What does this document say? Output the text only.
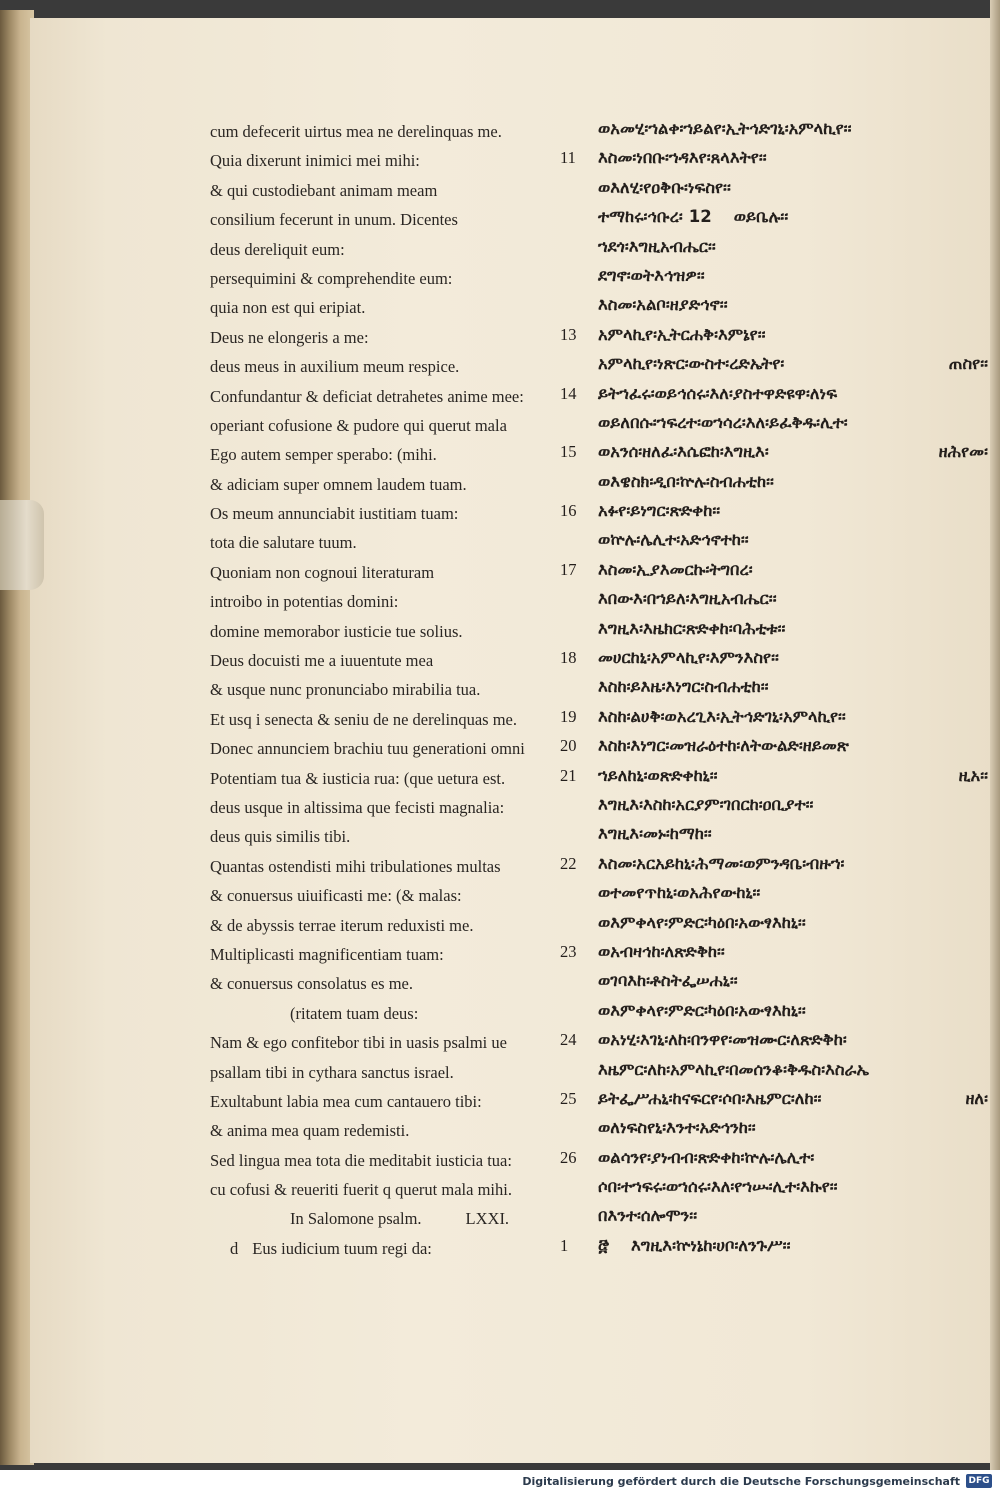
cum defecerit uirtus mea ne derelinquas me.
Quia dixerunt inimici mei mihi:
& qui custodiebant animam meam
consilium fecerunt in unum. Dicentes
deus dereliquit eum:
persequimini & comprehendite eum:
quia non est qui eripiat.
Deus ne elongeris a me:
deus meus in auxilium meum respice.
Confundantur & deficiat detrahetes anime mee:
operiant cofusione & pudore qui querut mala
Ego autem semper sperabo: (mihi.
& adiciam super omnem laudem tuam.
Os meum annunciabit iustitiam tuam:
tota die salutare tuum.
Quoniam non cognoui literaturam
introibo in potentias domini:
domine memorabor iusticie tue solius.
Deus docuisti me a iuuentute mea
& usque nunc pronunciabo mirabilia tua.
Et usq i senecta & seniu de ne derelinquas me.
Donec annunciem brachiu tuu generationi omni
Potentiam tua & iusticia rua: (que uetura est.
deus usque in altissima que fecisti magnalia:
deus quis similis tibi.
Quantas ostendisti mihi tribulationes multas
& conuersus uiuificasti me: (& malas:
& de abyssis terrae iterum reduxisti me.
Multiplicasti magnificentiam tuam:
& conuersus consolatus es me.
(ritatem tuam deus:
Nam & ego confitebor tibi in uasis psalmi ue
psallam tibi in cythara sanctus israel.
Exultabunt labia mea cum cantauero tibi:
& anima mea quam redemisti.
Sed lingua mea tota die meditabit iusticia tua:
cu cofusi & reueriti fuerit q querut mala mihi.
In Salomone psalm.	LXXI.
d Eus iudicium tuum regi da:
ወአመሂ፡ኀልቀ፡ኀይልየ፡ኢትኅድገኒ፡አምላኪየ፡፡
11 እስመ፡ነበቡ፡ኀዳእየ፡ጸላእትየ፡፡
ወእለሂ፡የዐቅቡ፡ነፍስየ፡፡
ተማከሩ፡ኅቡረ፡ 12 ወይቤሉ፡፡
ኀደጎ፡እግዚአብሔር፡፡
ደግኖ፡ወትእኅዝዎ፡፡
እስመ፡አልቦ፡ዘያድኅኖ፡፡
13 አምላኪየ፡ኢትርሐቅ፡እምኔየ፡፡
አምላኪየ፡ነጽር፡ውስተ፡ረድኤትየ፡	ጠስየ፡፡
14 ይትኀፈሩ፡ወይኅሰሩ፡እለ፡ያስተዋድዩዋ፡ለነፍ
ወይለበሱ፡ኀፍረተ፡ወኀሳረ፡እለ፡ይፈቅዱ፡ሊተ፡
15 ወአንሰ፡ዘለፈ፡እሴፎከ፡እግዚእ፡	ዘሕየመ፡
ወእዌስክ፡ዲበ፡ኵሉ፡ስብሐቲከ፡፡
16 አፉየ፡ይነግር፡ጽድቀከ፡፡
ወኵሉ፡ሌሊተ፡አድኅኖተከ፡፡
17 እስመ፡ኢያእመርኩ፡ትግበረ፡
እበውእ፡በኀይለ፡እግዚአብሔር፡፡
እግዚእ፡እዜክር፡ጽድቀከ፡ባሕቲቱ፡፡
18 መሀርከኒ፡አምላኪየ፡እምንእስየ፡፡
እስከ፡ይእዜ፡እነግር፡ስብሐቲከ፡፡
19 እስከ፡ልሀቅ፡ወአረጊእ፡ኢትኅድገኒ፡አምላኪየ፡፡
20 እስከ፡እነግር፡መዝራዕተከ፡ለትውልድ፡ዘይመጽ
21 ኀይለከኒ፡ወጽድቀከኒ፡፡	ዚአ፡፡
እግዚእ፡እስከ፡አርያም፡ገበርከ፡ዐቢያተ፡፡
እግዚእ፡መኑ፡ከማከ፡፡
22 እስመ፡አርአይከኒ፡ሕማመ፡ወምንዳቤ፡ብዙኀ፡
ወተመየጥከኒ፡ወአሕየውከኒ፡፡
ወእምቀላየ፡ምድር፡ካዕበ፡አውፃእከኒ፡፡
23 ወአብዛኅከ፡ለጽድቅከ፡፡
ወገባእከ፡ቶስትፌሠሐኒ፡፡
ወእምቀላየ፡ምድር፡ካዕበ፡አውፃእከኒ፡፡
24 ወአነሂ፡እገኒ፡ለከ፡በንዋየ፡መዝሙር፡ለጽድቅከ፡
እዜምር፡ለከ፡አምላኪየ፡በመሰንቆ፡ቅዱስ፡እስራኤ
25 ይትፌሥሐኒ፡ከናፍርየ፡ሶበ፡እዜምር፡ለከ፡፡	ዘለ፡
ወለነፍስየኒ፡እንተ፡አድኅንከ፡፡
26 ወልሳንየ፡ያነብብ፡ጽድቀከ፡ኵሉ፡ሌሊተ፡
ሶበ፡ተኀፍሩ፡ወኀሰሩ፡እለ፡የኀሡ፡ሊተ፡እኩየ፡፡
በእንተ፡ሰሎሞን፡፡
1 ፸ እግዚእ፡ኵነኔከ፡ሀቦ፡ለንጉሥ፡፡
Digitalisierung gefördert durch die Deutsche Forschungsgemeinschaft DFG
